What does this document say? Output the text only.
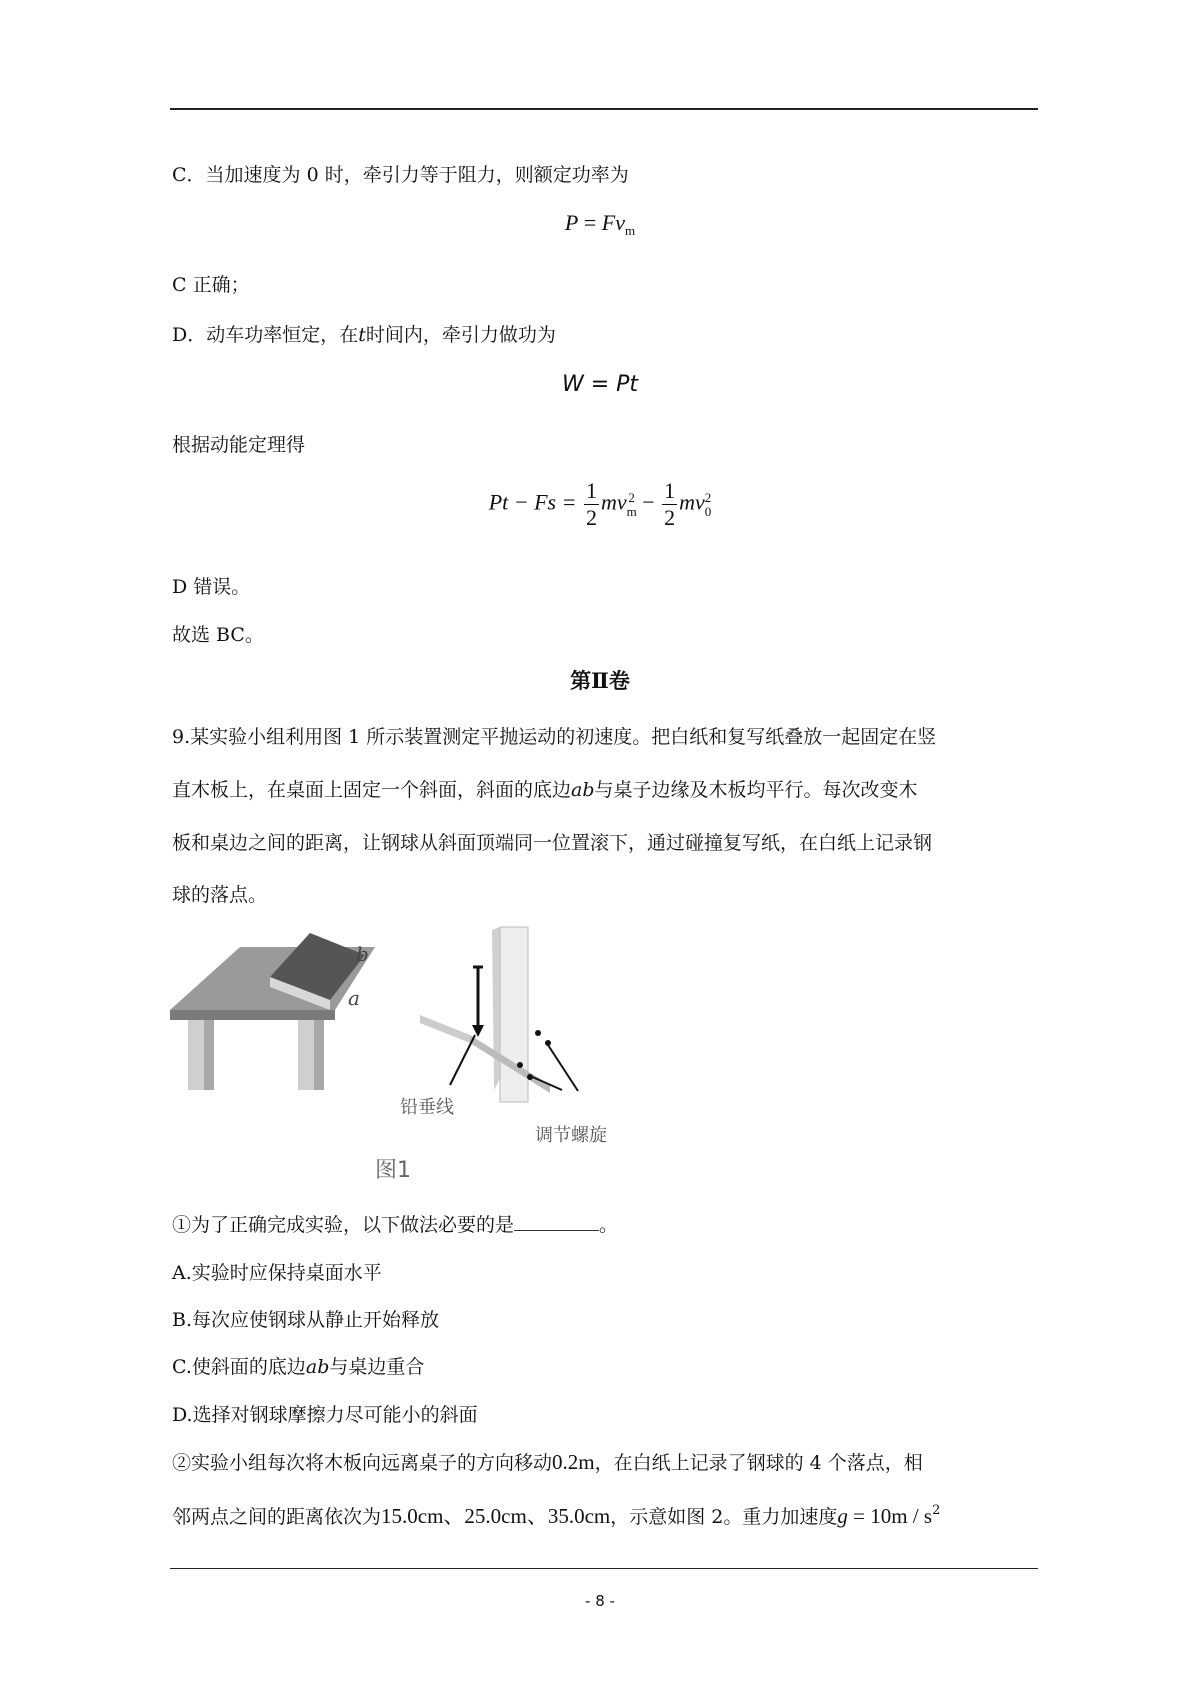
C．当加速度为 0 时，牵引力等于阻力，则额定功率为
$P = Fv_m$
C 正确；
D．动车功率恒定，在t时间内，牵引力做功为
W = Pt
根据动能定理得
$Pt - Fs = \frac{1}{2}$ mv 2
$m - \frac{1}{2}$ mv 2
0
D 错误。
故选 BC。
第Ⅱ卷
9.某实验小组利用图 1 所示装置测定平抛运动的初速度。把白纸和复写纸叠放一起固定在竖
直木板上，在桌面上固定一个斜面，斜面的底边ab与桌子边缘及木板均平行。每次改变木
板和桌边之间的距离，让钢球从斜面顶端同一位置滚下，通过碰撞复写纸，在白纸上记录钢
球的落点。
b
a
铅垂线
调节螺旋
图1
①为了正确完成实验，以下做法必要的是	。
A.实验时应保持桌面水平
B.每次应使钢球从静止开始释放
C.使斜面的底边ab与桌边重合
D.选择对钢球摩擦力尽可能小的斜面
②实验小组每次将木板向远离桌子的方向移动0.2m，在白纸上记录了钢球的 4 个落点，相
邻两点之间的距离依次为15.0cm、25.0cm、35.0cm，示意如图 2。重力加速度$g = 10m / s^2$
- 8 -
